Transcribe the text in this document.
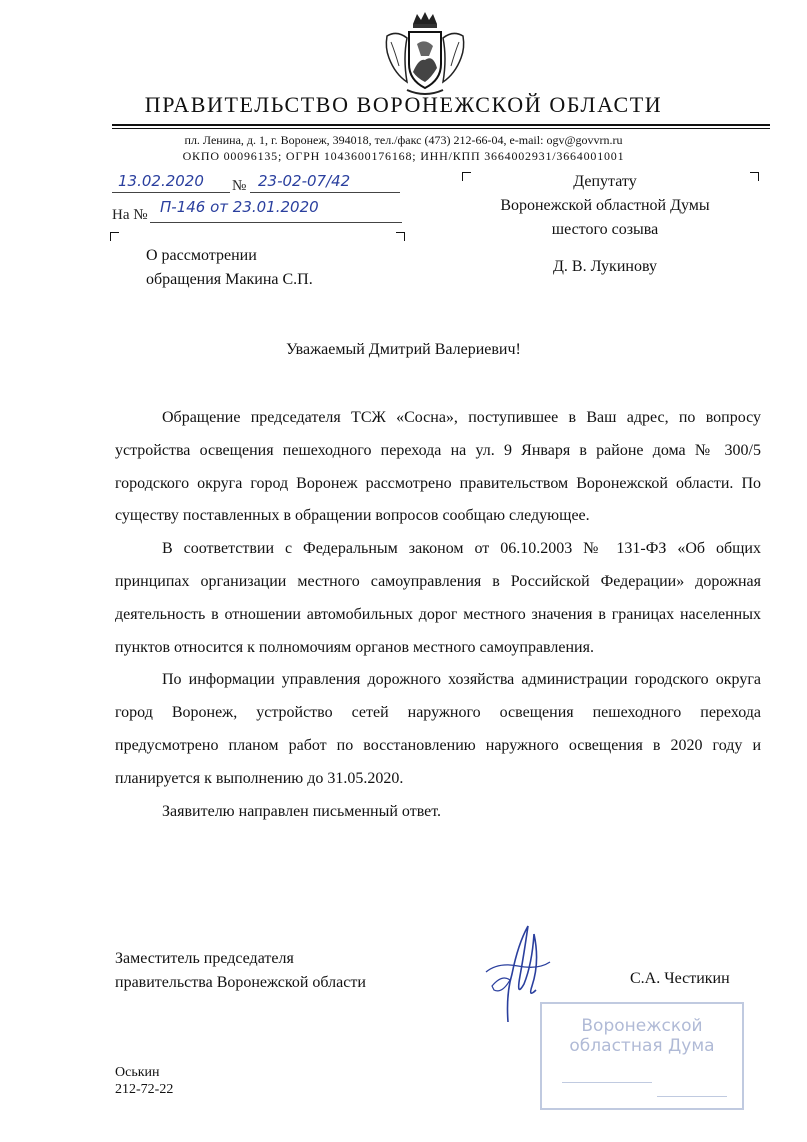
ПРАВИТЕЛЬСТВО ВОРОНЕЖСКОЙ ОБЛАСТИ
пл. Ленина, д. 1, г. Воронеж, 394018, тел./факс (473) 212-66-04, e-mail: ogv@govvrn.ru
ОКПО 00096135; ОГРН 1043600176168; ИНН/КПП 3664002931/3664001001
13.02.2020 № 23-02-07/42
На № П-146 от 23.01.2020
О рассмотрении
обращения Макина С.П.
Депутату
Воронежской областной Думы
шестого созыва
Д. В. Лукинову
Уважаемый Дмитрий Валериевич!

Обращение председателя ТСЖ «Сосна», поступившее в Ваш адрес, по вопросу устройства освещения пешеходного перехода на ул. 9 Января в районе дома № 300/5 городского округа город Воронеж рассмотрено правительством Воронежской области. По существу поставленных в обращении вопросов сообщаю следующее.

В соответствии с Федеральным законом от 06.10.2003 № 131-ФЗ «Об общих принципах организации местного самоуправления в Российской Федерации» дорожная деятельность в отношении автомобильных дорог местного значения в границах населенных пунктов относится к полномочиям органов местного самоуправления.

По информации управления дорожного хозяйства администрации городского округа город Воронеж, устройство сетей наружного освещения пешеходного перехода предусмотрено планом работ по восстановлению наружного освещения в 2020 году и планируется к выполнению до 31.05.2020.

Заявителю направлен письменный ответ.

Заместитель председателя
правительства Воронежской области	С.А. Честикин
Воронежской
областная Дума
Оськин
212-72-22
